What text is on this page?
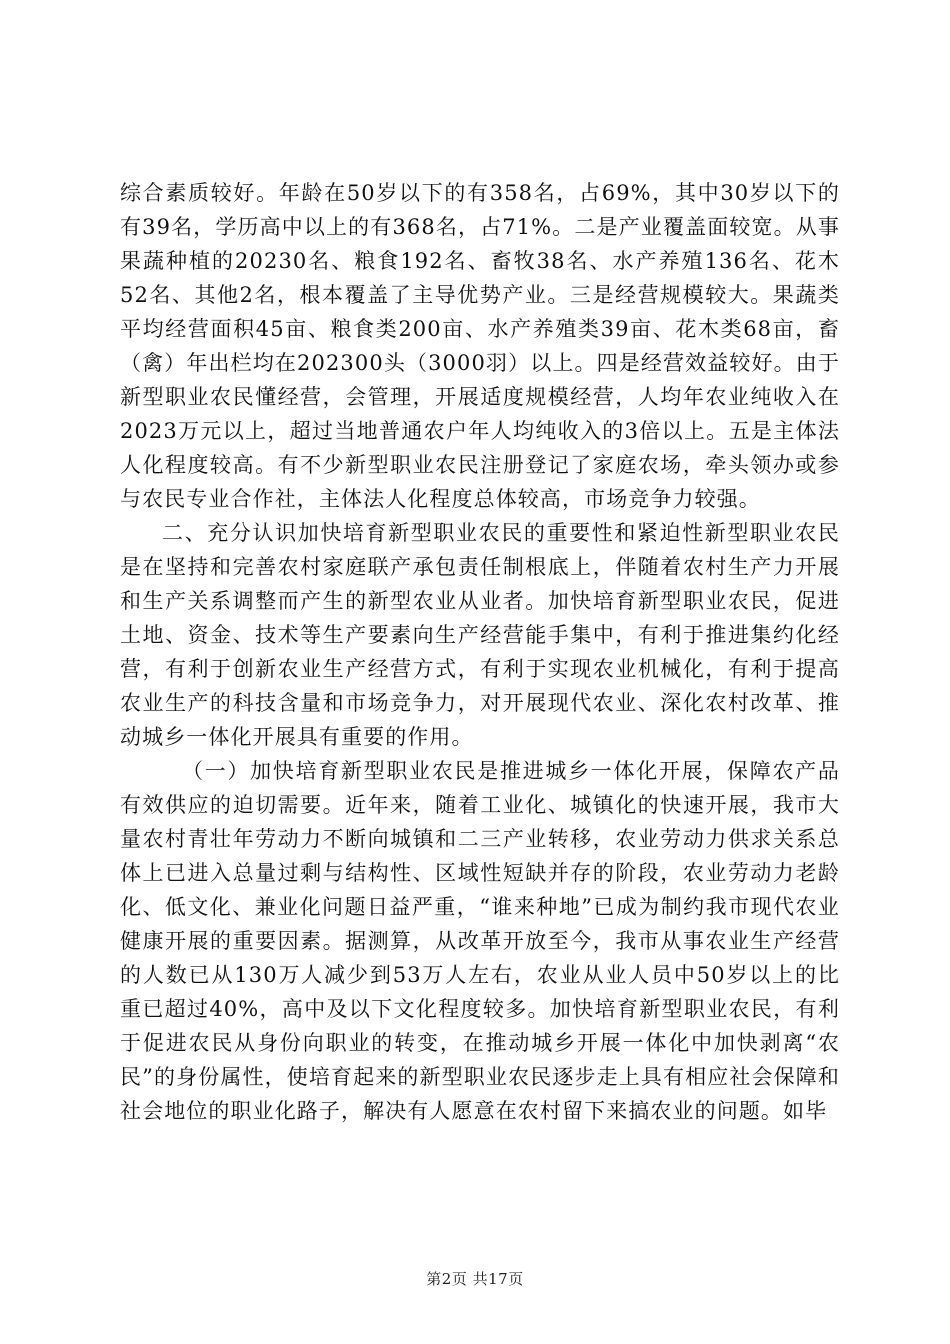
综合素质较好。年龄在50岁以下的有358名，占69%，其中30岁以下的有39名，学历高中以上的有368名，占71%。二是产业覆盖面较宽。从事果蔬种植的20230名、粮食192名、畜牧38名、水产养殖136名、花木52名、其他2名，根本覆盖了主导优势产业。三是经营规模较大。果蔬类平均经营面积45亩、粮食类200亩、水产养殖类39亩、花木类68亩，畜（禽）年出栏均在202300头（3000羽）以上。四是经营效益较好。由于新型职业农民懂经营，会管理，开展适度规模经营，人均年农业纯收入在2023万元以上，超过当地普通农户年人均纯收入的3倍以上。五是主体法人化程度较高。有不少新型职业农民注册登记了家庭农场，牵头领办或参与农民专业合作社，主体法人化程度总体较高，市场竞争力较强。

二、充分认识加快培育新型职业农民的重要性和紧迫性新型职业农民是在坚持和完善农村家庭联产承包责任制根底上，伴随着农村生产力开展和生产关系调整而产生的新型农业从业者。加快培育新型职业农民，促进土地、资金、技术等生产要素向生产经营能手集中，有利于推进集约化经营，有利于创新农业生产经营方式，有利于实现农业机械化，有利于提高农业生产的科技含量和市场竞争力，对开展现代农业、深化农村改革、推动城乡一体化开展具有重要的作用。

（一）加快培育新型职业农民是推进城乡一体化开展，保障农产品有效供应的迫切需要。近年来，随着工业化、城镇化的快速开展，我市大量农村青壮年劳动力不断向城镇和二三产业转移，农业劳动力供求关系总体上已进入总量过剩与结构性、区域性短缺并存的阶段，农业劳动力老龄化、低文化、兼业化问题日益严重，“谁来种地”已成为制约我市现代农业健康开展的重要因素。据测算，从改革开放至今，我市从事农业生产经营的人数已从130万人减少到53万人左右，农业从业人员中50岁以上的比重已超过40%，高中及以下文化程度较多。加快培育新型职业农民，有利于促进农民从身份向职业的转变，在推动城乡开展一体化中加快剥离“农民”的身份属性，使培育起来的新型职业农民逐步走上具有相应社会保障和社会地位的职业化路子，解决有人愿意在农村留下来搞农业的问题。如毕

第2页 共17页
